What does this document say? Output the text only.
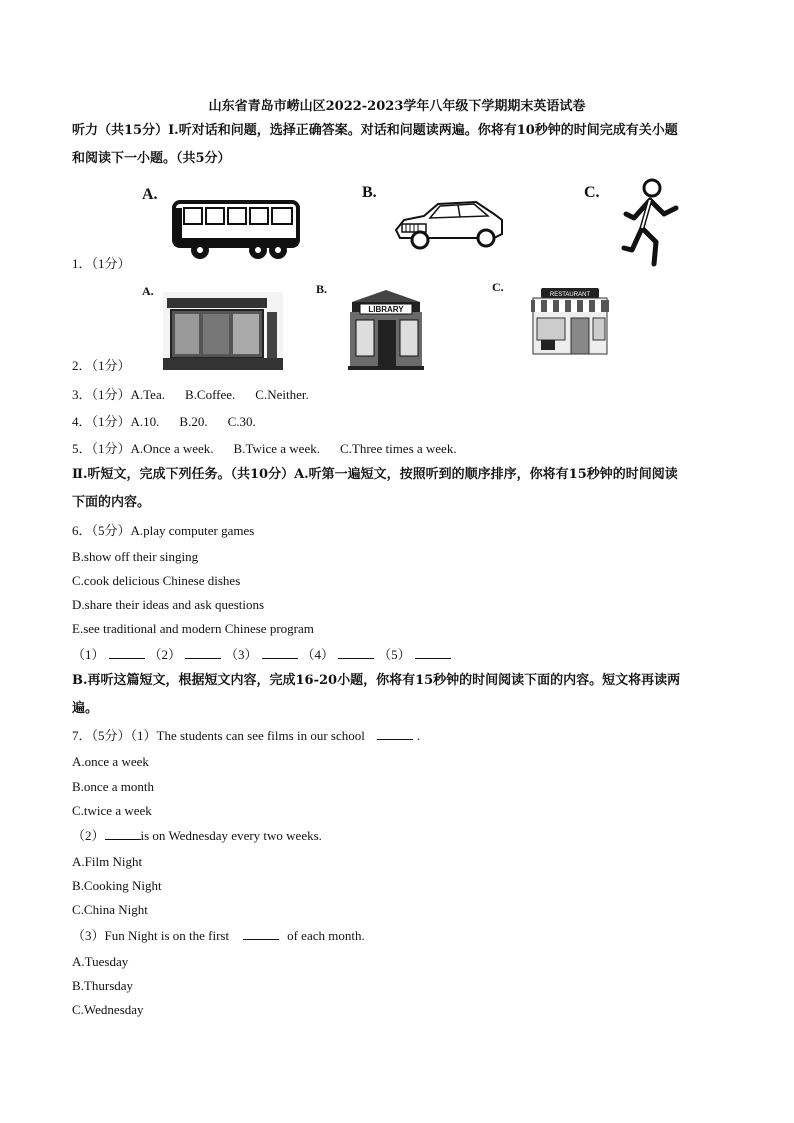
山东省青岛市崂山区2022-2023学年八年级下学期期末英语试卷
听力（共15分）I.听对话和问题，选择正确答案。对话和问题读两遍。你将有10秒钟的时间完成有关小题
和阅读下一小题。（共5分）
A.	B.	C.
1．（1分）
A.	B.	C.
LIBRARY
RESTAURANT
2．（1分）
3．（1分）A.Tea. B.Coffee. C.Neither.
4．（1分）A.10. B.20. C.30.
5．（1分）A.Once a week. B.Twice a week. C.Three times a week.
Ⅱ.听短文，完成下列任务。（共10分）A.听第一遍短文，按照听到的顺序排序，你将有15秒钟的时间阅读
下面的内容。
6．（5分）A.play computer games
B.show off their singing
C.cook delicious Chinese dishes
D.share their ideas and ask questions
E.see traditional and modern Chinese program
（1）	（2）	（3）	（4）	（5）
B.再听这篇短文，根据短文内容，完成16-20小题，你将有15秒钟的时间阅读下面的内容。短文将再读两
遍。
7．（5分）（1）The students can see films in our school	.
A.once a week
B.once a month
C.twice a week
（2）	is on Wednesday every two weeks.
A.Film Night
B.Cooking Night
C.China Night
（3）Fun Night is on the first	of each month.
A.Tuesday
B.Thursday
C.Wednesday
